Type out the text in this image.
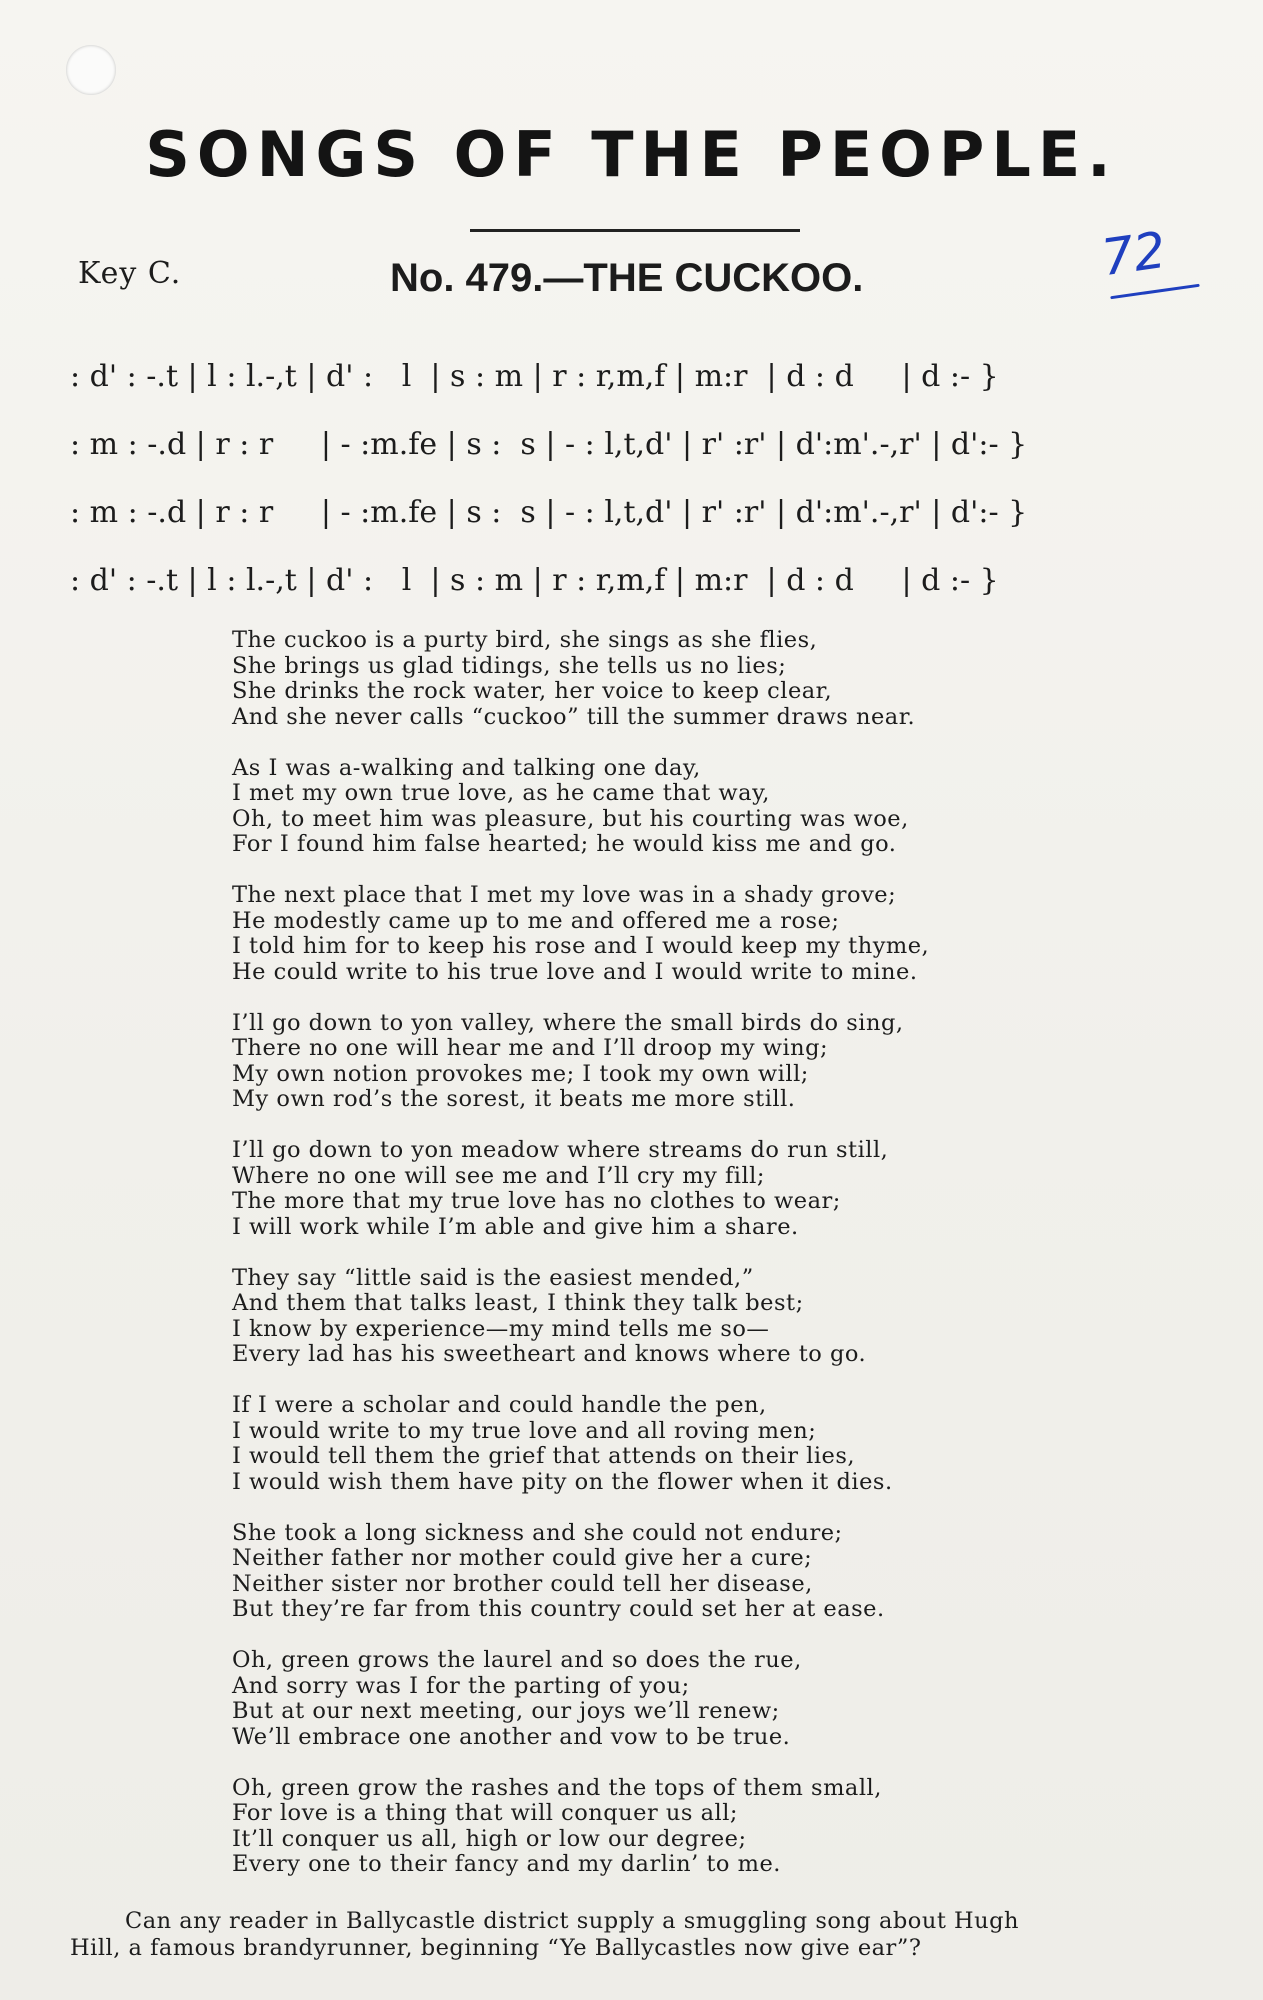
SONGS OF THE PEOPLE.
Key C.	No. 479.—THE CUCKOO.	72
: d' : -.t | l : l.-,t | d' :   l  | s : m | r : r,m,f | m:r  | d : d     | d :- }
: m : -.d | r : r     | - :m.fe | s :  s | - : l,t,d' | r' :r' | d':m'.-,r' | d':- }
: m : -.d | r : r     | - :m.fe | s :  s | - : l,t,d' | r' :r' | d':m'.-,r' | d':- }
: d' : -.t | l : l.-,t | d' :   l  | s : m | r : r,m,f | m:r  | d : d     | d :- }
The cuckoo is a purty bird, she sings as she flies,
She brings us glad tidings, she tells us no lies;
She drinks the rock water, her voice to keep clear,
And she never calls “cuckoo” till the summer draws near.
As I was a-walking and talking one day,
I met my own true love, as he came that way,
Oh, to meet him was pleasure, but his courting was woe,
For I found him false hearted; he would kiss me and go.
The next place that I met my love was in a shady grove;
He modestly came up to me and offered me a rose;
I told him for to keep his rose and I would keep my thyme,
He could write to his true love and I would write to mine.
I’ll go down to yon valley, where the small birds do sing,
There no one will hear me and I’ll droop my wing;
My own notion provokes me; I took my own will;
My own rod’s the sorest, it beats me more still.
I’ll go down to yon meadow where streams do run still,
Where no one will see me and I’ll cry my fill;
The more that my true love has no clothes to wear;
I will work while I’m able and give him a share.
They say “little said is the easiest mended,”
And them that talks least, I think they talk best;
I know by experience—my mind tells me so—
Every lad has his sweetheart and knows where to go.
If I were a scholar and could handle the pen,
I would write to my true love and all roving men;
I would tell them the grief that attends on their lies,
I would wish them have pity on the flower when it dies.
She took a long sickness and she could not endure;
Neither father nor mother could give her a cure;
Neither sister nor brother could tell her disease,
But they’re far from this country could set her at ease.
Oh, green grows the laurel and so does the rue,
And sorry was I for the parting of you;
But at our next meeting, our joys we’ll renew;
We’ll embrace one another and vow to be true.
Oh, green grow the rashes and the tops of them small,
For love is a thing that will conquer us all;
It’ll conquer us all, high or low our degree;
Every one to their fancy and my darlin’ to me.
Can any reader in Ballycastle district supply a smuggling song about Hugh
Hill, a famous brandyrunner, beginning “Ye Ballycastles now give ear”?
